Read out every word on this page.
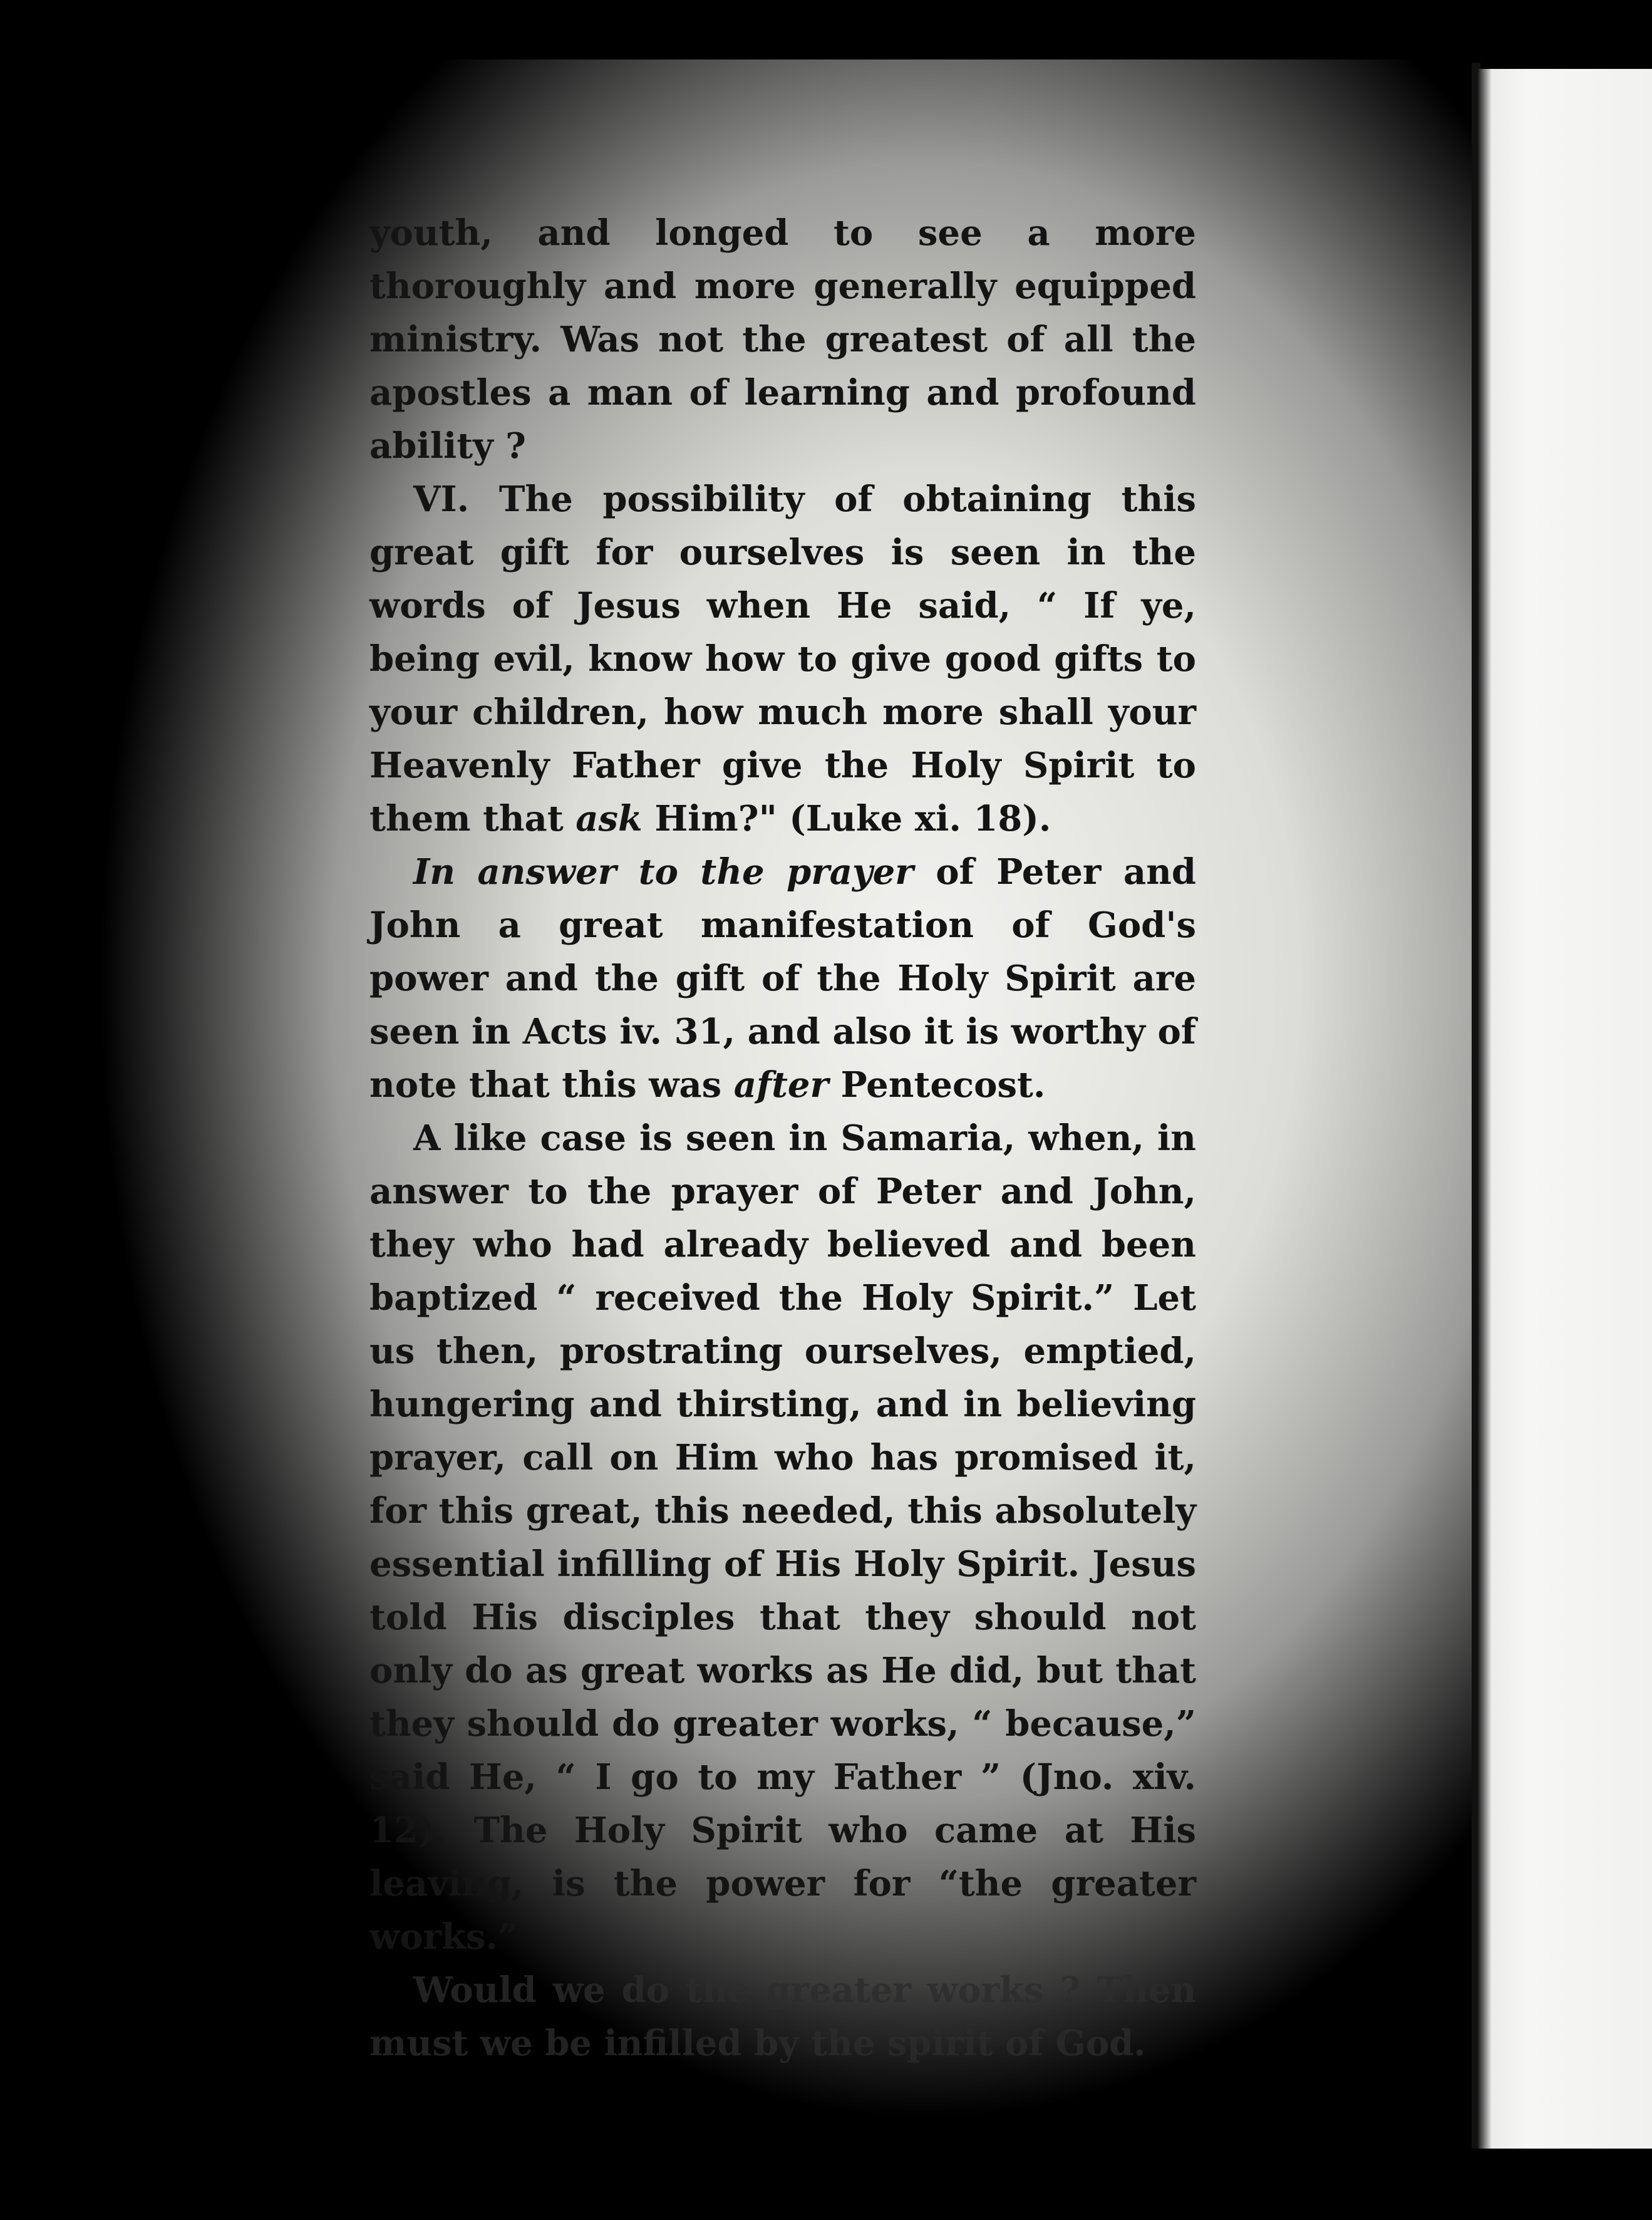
youth, and longed to see a more thoroughly and more generally equipped ministry. Was not the greatest of all the apostles a man of learning and profound ability ?

VI. The possibility of obtaining this great gift for ourselves is seen in the words of Jesus when He said, “ If ye, being evil, know how to give good gifts to your children, how much more shall your Heavenly Father give the Holy Spirit to them that ask Him?" (Luke xi. 18).

In answer to the prayer of Peter and John a great manifestation of God's power and the gift of the Holy Spirit are seen in Acts iv. 31, and also it is worthy of note that this was after Pentecost.

A like case is seen in Samaria, when, in answer to the prayer of Peter and John, they who had already believed and been baptized “ received the Holy Spirit.” Let us then, prostrating ourselves, emptied, hungering and thirsting, and in believing prayer, call on Him who has promised it, for this great, this needed, this absolutely essential infilling of His Holy Spirit. Jesus told His disciples that they should not only do as great works as He did, but that they should do greater works, “ because,” said He, “ I go to my Father ” (Jno. xiv. 12). The Holy Spirit who came at His leaving, is the power for “the greater works.”

Would we do the greater works ? Then must we be infilled by the spirit of God.
